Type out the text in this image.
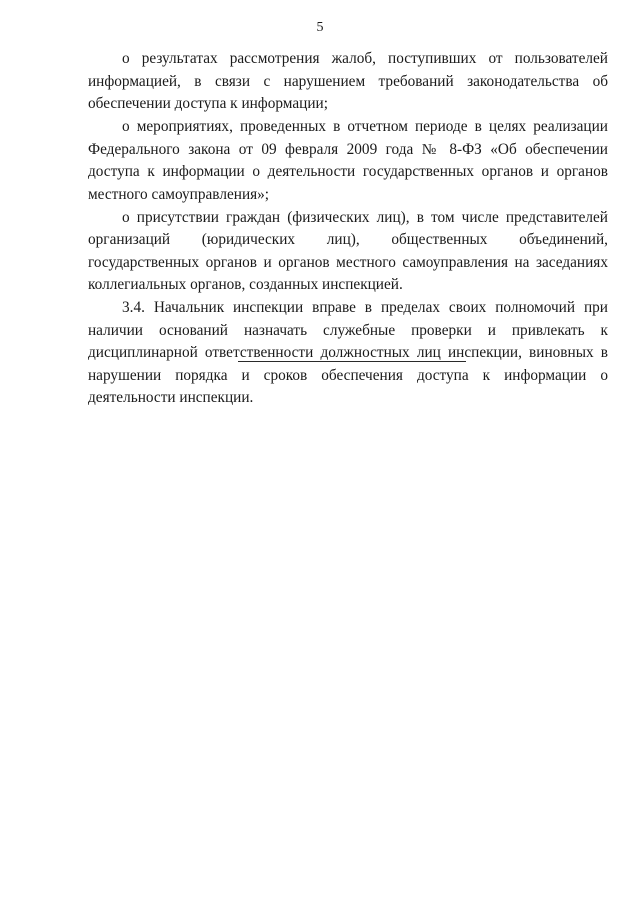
5

о результатах рассмотрения жалоб, поступивших от пользователей информацией, в связи с нарушением требований законодательства об обеспечении доступа к информации;

о мероприятиях, проведенных в отчетном периоде в целях реализации Федерального закона от 09 февраля 2009 года № 8-ФЗ «Об обеспечении доступа к информации о деятельности государственных органов и органов местного самоуправления»;

о присутствии граждан (физических лиц), в том числе представителей организаций (юридических лиц), общественных объединений, государственных органов и органов местного самоуправления на заседаниях коллегиальных органов, созданных инспекцией.

3.4. Начальник инспекции вправе в пределах своих полномочий при наличии оснований назначать служебные проверки и привлекать к дисциплинарной ответственности должностных лиц инспекции, виновных в нарушении порядка и сроков обеспечения доступа к информации о деятельности инспекции.
